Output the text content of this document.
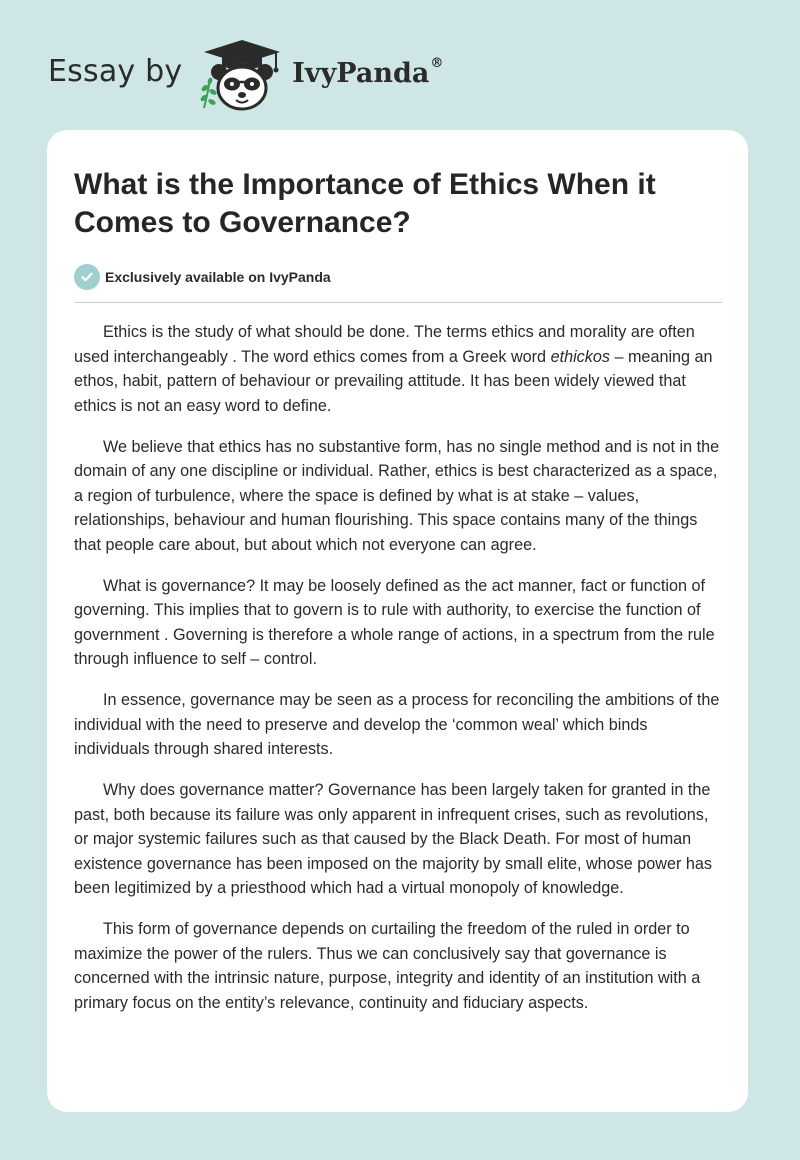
Essay by	IvyPanda®
What is the Importance of Ethics When it Comes to Governance?
Exclusively available on IvyPanda

Ethics is the study of what should be done. The terms ethics and morality are often used interchangeably . The word ethics comes from a Greek word ethickos – meaning an ethos, habit, pattern of behaviour or prevailing attitude. It has been widely viewed that ethics is not an easy word to define.

We believe that ethics has no substantive form, has no single method and is not in the domain of any one discipline or individual. Rather, ethics is best characterized as a space, a region of turbulence, where the space is defined by what is at stake – values, relationships, behaviour and human flourishing. This space contains many of the things that people care about, but about which not everyone can agree.

What is governance? It may be loosely defined as the act manner, fact or function of governing. This implies that to govern is to rule with authority, to exercise the function of government . Governing is therefore a whole range of actions, in a spectrum from the rule through influence to self – control.

In essence, governance may be seen as a process for reconciling the ambitions of the individual with the need to preserve and develop the ‘common weal’ which binds individuals through shared interests.

Why does governance matter? Governance has been largely taken for granted in the past, both because its failure was only apparent in infrequent crises, such as revolutions, or major systemic failures such as that caused by the Black Death. For most of human existence governance has been imposed on the majority by small elite, whose power has been legitimized by a priesthood which had a virtual monopoly of knowledge.

This form of governance depends on curtailing the freedom of the ruled in order to maximize the power of the rulers. Thus we can conclusively say that governance is concerned with the intrinsic nature, purpose, integrity and identity of an institution with a primary focus on the entity’s relevance, continuity and fiduciary aspects.
